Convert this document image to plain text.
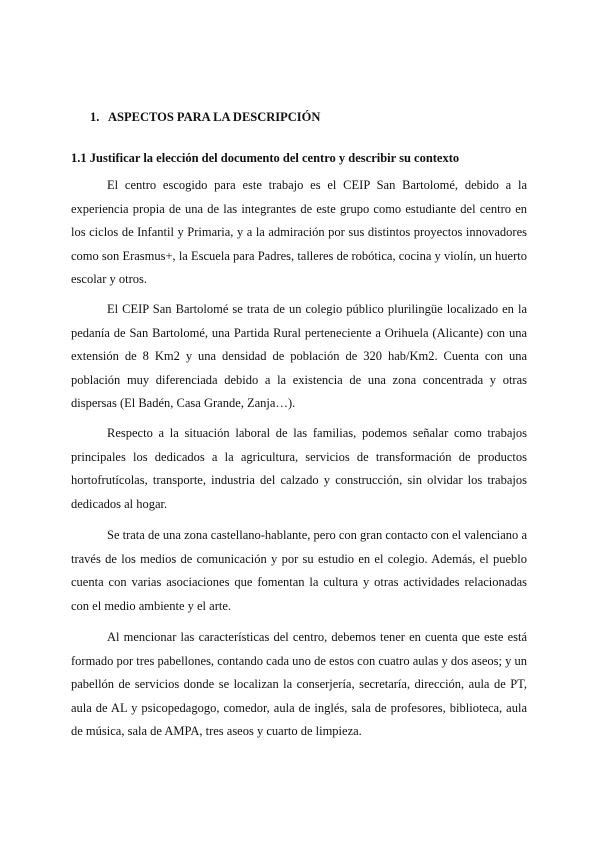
1. ASPECTOS PARA LA DESCRIPCIÓN
1.1 Justificar la elección del documento del centro y describir su contexto

El centro escogido para este trabajo es el CEIP San Bartolomé, debido a la experiencia propia de una de las integrantes de este grupo como estudiante del centro en los ciclos de Infantil y Primaria, y a la admiración por sus distintos proyectos innovadores como son Erasmus+, la Escuela para Padres, talleres de robótica, cocina y violín, un huerto escolar y otros.

El CEIP San Bartolomé se trata de un colegio público plurilingüe localizado en la pedanía de San Bartolomé, una Partida Rural perteneciente a Orihuela (Alicante) con una extensión de 8 Km2 y una densidad de población de 320 hab/Km2. Cuenta con una población muy diferenciada debido a la existencia de una zona concentrada y otras dispersas (El Badén, Casa Grande, Zanja…).

Respecto a la situación laboral de las familias, podemos señalar como trabajos principales los dedicados a la agricultura, servicios de transformación de productos hortofrutícolas, transporte, industria del calzado y construcción, sin olvidar los trabajos dedicados al hogar.

Se trata de una zona castellano-hablante, pero con gran contacto con el valenciano a través de los medios de comunicación y por su estudio en el colegio. Además, el pueblo cuenta con varias asociaciones que fomentan la cultura y otras actividades relacionadas con el medio ambiente y el arte.

Al mencionar las características del centro, debemos tener en cuenta que este está formado por tres pabellones, contando cada uno de estos con cuatro aulas y dos aseos; y un pabellón de servicios donde se localizan la conserjería, secretaría, dirección, aula de PT, aula de AL y psicopedagogo, comedor, aula de inglés, sala de profesores, biblioteca, aula de música, sala de AMPA, tres aseos y cuarto de limpieza.
